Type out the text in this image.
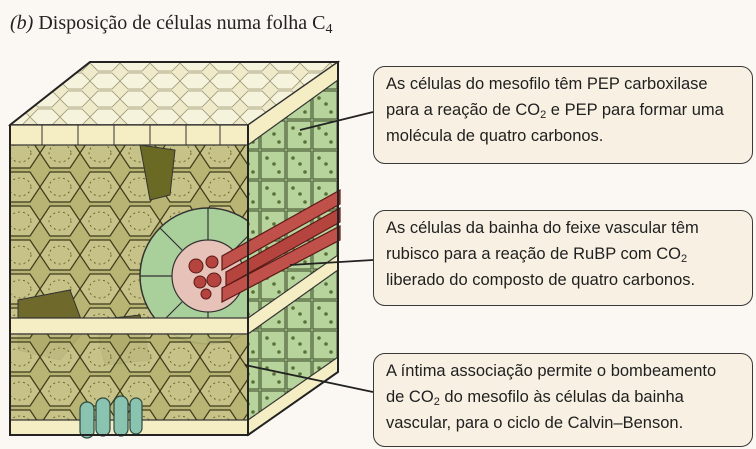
(b) Disposição de células numa folha $C_4$
As células do mesofilo têm PEP carboxilase
para a reação de $CO_2$ e PEP para formar uma
molécula de quatro carbonos.
As células da bainha do feixe vascular têm
rubisco para a reação de RuBP com $CO_2$
liberado do composto de quatro carbonos.
A íntima associação permite o bombeamento
de $CO_2$ do mesofilo às células da bainha
vascular, para o ciclo de Calvin–Benson.
